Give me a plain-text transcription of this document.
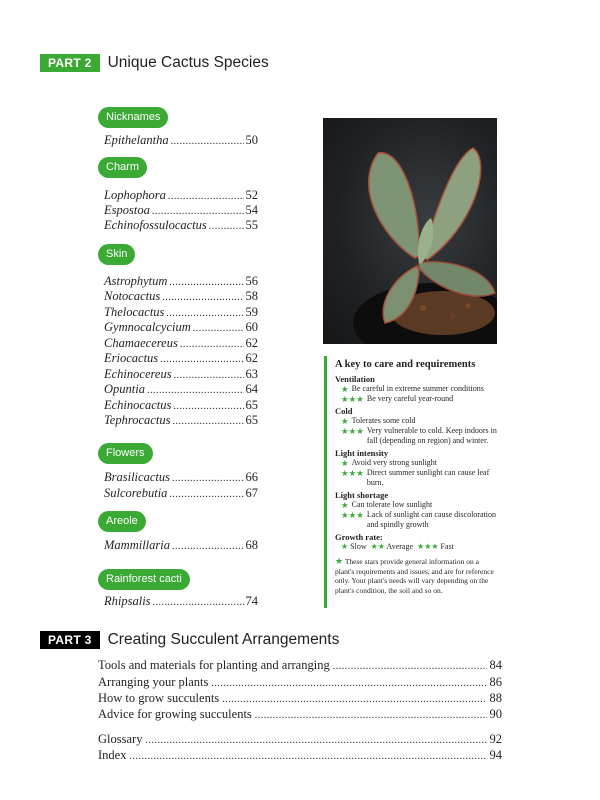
PART 2	Unique Cactus Species
Nicknames
Epithelantha .....	50
Charm
Lophophora .....	52
Espostoa .....	54
Echinofossulocactus .....	55
Skin
Astrophytum .....	56
Notocactus .....	58
Thelocactus .....	59
Gymnocalcycium .....	60
Chamaecereus .....	62
Eriocactus .....	62
Echinocereus .....	63
Opuntia .....	64
Echinocactus .....	65
Tephrocactus .....	65
Flowers
Brasilicactus .....	66
Sulcorebutia .....	67
Areole
Mammillaria .....	68
Rainforest cacti
Rhipsalis .....	74
A key to care and requirements
Ventilation
★ Be careful in extreme summer conditions
★★★ Be very careful year-round
Cold
★ Tolerates some cold
★★★ Very vulnerable to cold. Keep indoors in fall (depending on region) and winter.
Light intensity
★ Avoid very strong sunlight
★★★ Direct summer sunlight can cause leaf burn.
Light shortage
★ Can tolerate low sunlight
★★★ Lack of sunlight can cause discoloration and spindly growth
Growth rate:
★ Slow ★★ Average ★★★ Fast
★ These stars provide general information on a plant's requirements and issues, and are for reference only. Your plant's needs will vary depending on the plant's condition, the soil and so on.
PART 3	Creating Succulent Arrangements
Tools and materials for planting and arranging .....	84
Arranging your plants .....	86
How to grow succulents .....	88
Advice for growing succulents .....	90
Glossary .....	92
Index .....	94
